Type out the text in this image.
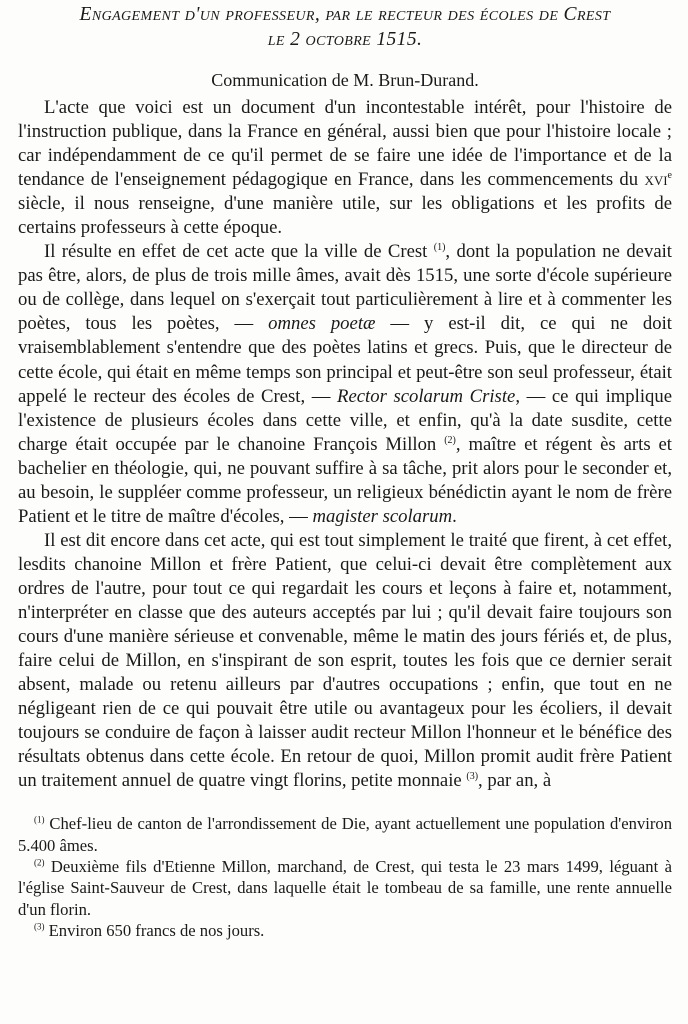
Engagement d'un professeur, par le recteur des écoles de Crest
le 2 octobre 1515.
Communication de M. Brun-Durand.

L'acte que voici est un document d'un incontestable intérêt, pour l'histoire de l'instruction publique, dans la France en général, aussi bien que pour l'histoire locale ; car indépendamment de ce qu'il permet de se faire une idée de l'importance et de la tendance de l'enseignement pédagogique en France, dans les commencements du xvi$^e$ siècle, il nous renseigne, d'une manière utile, sur les obligations et les profits de certains professeurs à cette époque.

Il résulte en effet de cet acte que la ville de Crest $^{(1)}$, dont la population ne devait pas être, alors, de plus de trois mille âmes, avait dès 1515, une sorte d'école supérieure ou de collège, dans lequel on s'exerçait tout particulièrement à lire et à commenter les poètes, tous les poètes, — omnes poetæ — y est-il dit, ce qui ne doit vraisemblablement s'entendre que des poètes latins et grecs. Puis, que le directeur de cette école, qui était en même temps son principal et peut-être son seul professeur, était appelé le recteur des écoles de Crest, — Rector scolarum Criste, — ce qui implique l'existence de plusieurs écoles dans cette ville, et enfin, qu'à la date susdite, cette charge était occupée par le chanoine François Millon $^{(2)}$, maître et régent ès arts et bachelier en théologie, qui, ne pouvant suffire à sa tâche, prit alors pour le seconder et, au besoin, le suppléer comme professeur, un religieux bénédictin ayant le nom de frère Patient et le titre de maître d'écoles, — magister scolarum.

Il est dit encore dans cet acte, qui est tout simplement le traité que firent, à cet effet, lesdits chanoine Millon et frère Patient, que celui-ci devait être complètement aux ordres de l'autre, pour tout ce qui regardait les cours et leçons à faire et, notamment, n'interpréter en classe que des auteurs acceptés par lui ; qu'il devait faire toujours son cours d'une manière sérieuse et convenable, même le matin des jours fériés et, de plus, faire celui de Millon, en s'inspirant de son esprit, toutes les fois que ce dernier serait absent, malade ou retenu ailleurs par d'autres occupations ; enfin, que tout en ne négligeant rien de ce qui pouvait être utile ou avantageux pour les écoliers, il devait toujours se conduire de façon à laisser audit recteur Millon l'honneur et le bénéfice des résultats obtenus dans cette école. En retour de quoi, Millon promit audit frère Patient un traitement annuel de quatre vingt florins, petite monnaie $^{(3)}$, par an, à

$^{(1)}$ Chef-lieu de canton de l'arrondissement de Die, ayant actuellement une population d'environ 5.400 âmes.

$^{(2)}$ Deuxième fils d'Etienne Millon, marchand, de Crest, qui testa le 23 mars 1499, léguant à l'église Saint-Sauveur de Crest, dans laquelle était le tombeau de sa famille, une rente annuelle d'un florin.

$^{(3)}$ Environ 650 francs de nos jours.
